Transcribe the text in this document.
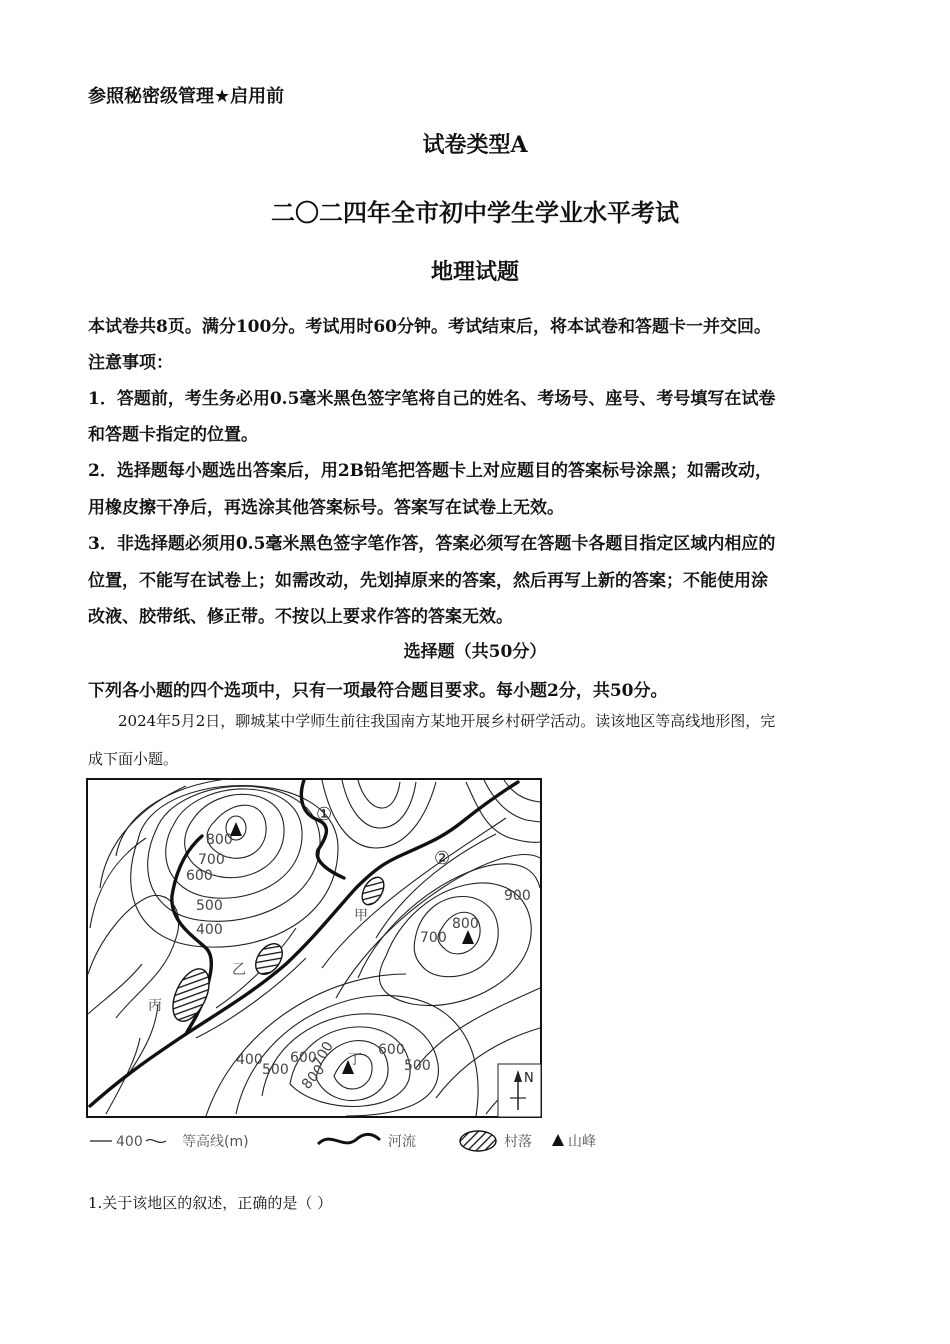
参照秘密级管理★启用前
试卷类型A
二〇二四年全市初中学生学业水平考试
地理试题
本试卷共8页。满分100分。考试用时60分钟。考试结束后，将本试卷和答题卡一并交回。
注意事项：
1．答题前，考生务必用0.5毫米黑色签字笔将自己的姓名、考场号、座号、考号填写在试卷
和答题卡指定的位置。
2．选择题每小题选出答案后，用2B铅笔把答题卡上对应题目的答案标号涂黑；如需改动，
用橡皮擦干净后，再选涂其他答案标号。答案写在试卷上无效。
3．非选择题必须用0.5毫米黑色签字笔作答，答案必须写在答题卡各题目指定区域内相应的
位置，不能写在试卷上；如需改动，先划掉原来的答案，然后再写上新的答案；不能使用涂
改液、胶带纸、修正带。不按以上要求作答的答案无效。
选择题（共50分）
下列各小题的四个选项中，只有一项最符合题目要求。每小题2分，共50分。
2024年5月2日，聊城某中学师生前往我国南方某地开展乡村研学活动。读该地区等高线地形图，完
成下面小题。
N
800
700
600
500
400
900
800
700
400
500
600
700
800
600
500
①
②
甲
乙
丙
丁
400	等高线(m)	河流	村落	山峰
1.关于该地区的叙述，正确的是（ ）
